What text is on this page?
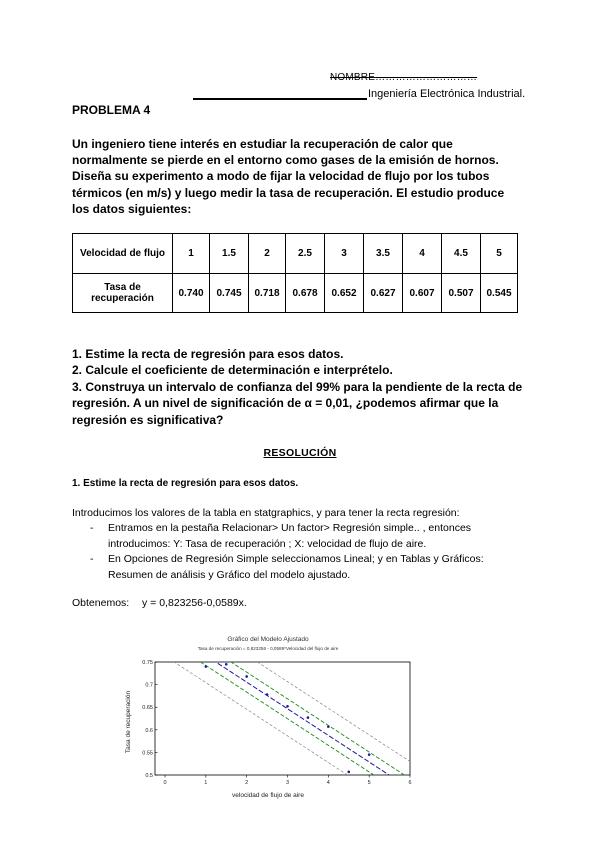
NOMBRE…………………………
Ingeniería Electrónica Industrial.
PROBLEMA 4
Un ingeniero tiene interés en estudiar la recuperación de calor que
normalmente se pierde en el entorno como gases de la emisión de hornos.
Diseña su experimento a modo de fijar la velocidad de flujo por los tubos
térmicos (en m/s) y luego medir la tasa de recuperación. El estudio produce
los datos siguientes:
Velocidad de flujo	1	1.5	2	2.5	3	3.5	4	4.5	5
Tasa de recuperación	0.740	0.745	0.718	0.678	0.652	0.627	0.607	0.507	0.545
1. Estime la recta de regresión para esos datos.
2. Calcule el coeficiente de determinación e interprételo.
3. Construya un intervalo de confianza del 99% para la pendiente de la recta de
regresión. A un nivel de significación de α = 0,01, ¿podemos afirmar que la
regresión es significativa?
RESOLUCIÓN
1. Estime la recta de regresión para esos datos.
Introducimos los valores de la tabla en statgraphics, y para tener la recta regresión:
- Entramos en la pestaña Relacionar> Un factor> Regresión simple.. , entonces
introducimos: Y: Tasa de recuperación ; X: velocidad de flujo de aire.
- En Opciones de Regresión Simple seleccionamos Lineal; y en Tablas y Gráficos:
Resumen de análisis y Gráfico del modelo ajustado.
Obtenemos: y = 0,823256-0,0589x.
Gráfico del Modelo Ajustado
Tasa de recuperación = 0,823256 - 0,0589*Velocidad del flujo de aire
0	1	2	3	4	5	6
0.5
0.55
0.6
0.65
0.7
0.75
velocidad de flujo de aire
Tasa de recuperación
